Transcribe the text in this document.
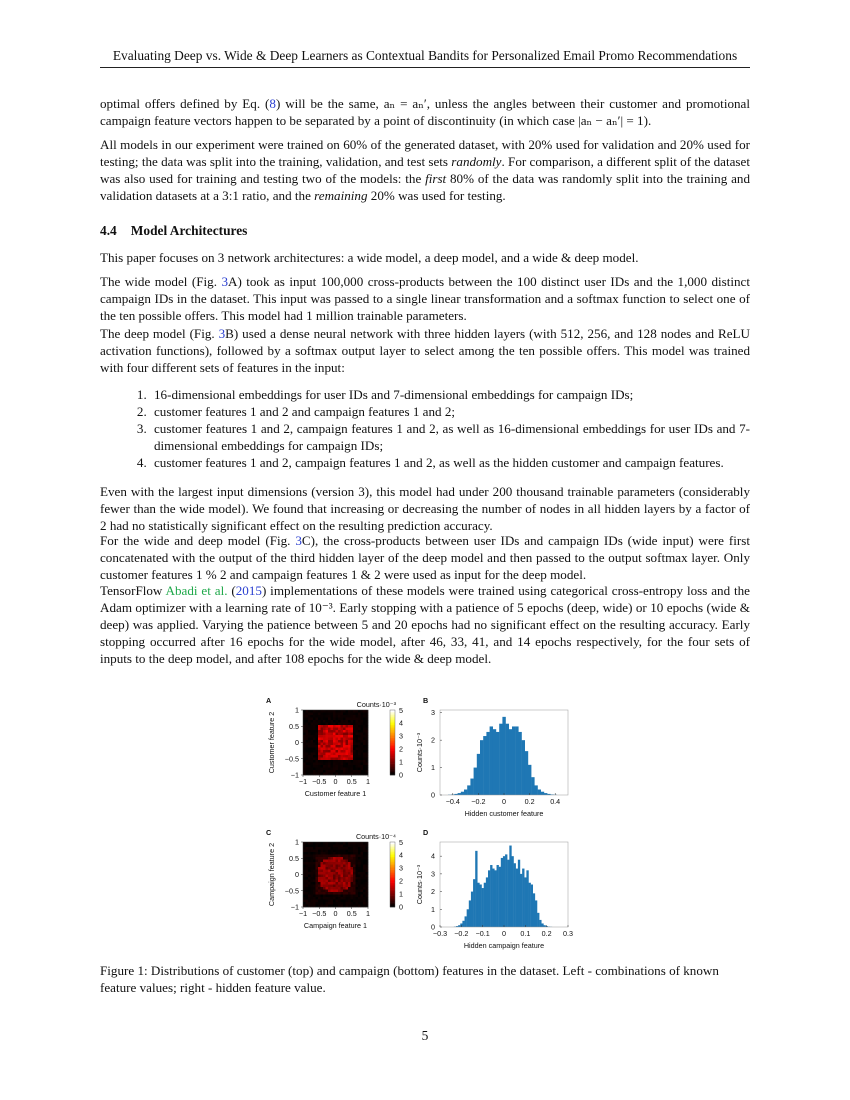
Evaluating Deep vs. Wide & Deep Learners as Contextual Bandits for Personalized Email Promo Recommendations

optimal offers defined by Eq. (8) will be the same, aₙ = aₙ′, unless the angles between their customer and promotional campaign feature vectors happen to be separated by a point of discontinuity (in which case |aₙ − aₙ′| = 1).

All models in our experiment were trained on 60% of the generated dataset, with 20% used for validation and 20% used for testing; the data was split into the training, validation, and test sets randomly. For comparison, a different split of the dataset was also used for training and testing two of the models: the first 80% of the data was randomly split into the training and validation datasets at a 3:1 ratio, and the remaining 20% was used for testing.

4.4 Model Architectures

This paper focuses on 3 network architectures: a wide model, a deep model, and a wide & deep model.

The wide model (Fig. 3A) took as input 100,000 cross-products between the 100 distinct user IDs and the 1,000 distinct campaign IDs in the dataset. This input was passed to a single linear transformation and a softmax function to select one of the ten possible offers. This model had 1 million trainable parameters.

The deep model (Fig. 3B) used a dense neural network with three hidden layers (with 512, 256, and 128 nodes and ReLU activation functions), followed by a softmax output layer to select among the ten possible offers. This model was trained with four different sets of features in the input:

1. 16-dimensional embeddings for user IDs and 7-dimensional embeddings for campaign IDs;
2. customer features 1 and 2 and campaign features 1 and 2;
3. customer features 1 and 2, campaign features 1 and 2, as well as 16-dimensional embeddings for user IDs and 7-dimensional embeddings for campaign IDs;
4. customer features 1 and 2, campaign features 1 and 2, as well as the hidden customer and campaign features.

Even with the largest input dimensions (version 3), this model had under 200 thousand trainable parameters (considerably fewer than the wide model). We found that increasing or decreasing the number of nodes in all hidden layers by a factor of 2 had no statistically significant effect on the resulting prediction accuracy.

For the wide and deep model (Fig. 3C), the cross-products between user IDs and campaign IDs (wide input) were first concatenated with the output of the third hidden layer of the deep model and then passed to the output softmax layer. Only customer features 1 % 2 and campaign features 1 & 2 were used as input for the deep model.

TensorFlow Abadi et al. (2015) implementations of these models were trained using categorical cross-entropy loss and the Adam optimizer with a learning rate of 10⁻³. Early stopping with a patience of 5 epochs (deep, wide) or 10 epochs (wide & deep) was applied. Varying the patience between 5 and 20 epochs had no significant effect on the resulting accuracy. Early stopping occurred after 16 epochs for the wide model, after 46, 33, 41, and 14 epochs respectively, for the four sets of inputs to the deep model, and after 108 epochs for the wide & deep model.

A
−1 −0.5 0 0.5 1
−1
−0.5
0
0.5
1
Customer feature 1
Customer feature 2
0
1
2
3
4
5
Counts·10⁻³	B
−0.4 −0.2 0	0.2 0.4
0
1
2
3
Hidden customer feature
Counts·10⁻³
C
−1 −0.5 0 0.5 1
−1
−0.5
0
0.5
1
Campaign feature 1
Campaign feature 2
0
1
2
3
4
5
Counts·10⁻⁴	D
−0.3 −0.2 −0.1 0 0.1 0.2 0.3
0
1
2
3
4
Hidden campaign feature
Counts·10⁻³
Figure 1: Distributions of customer (top) and campaign (bottom) features in the dataset. Left - combinations of known feature values; right - hidden feature value.
5
